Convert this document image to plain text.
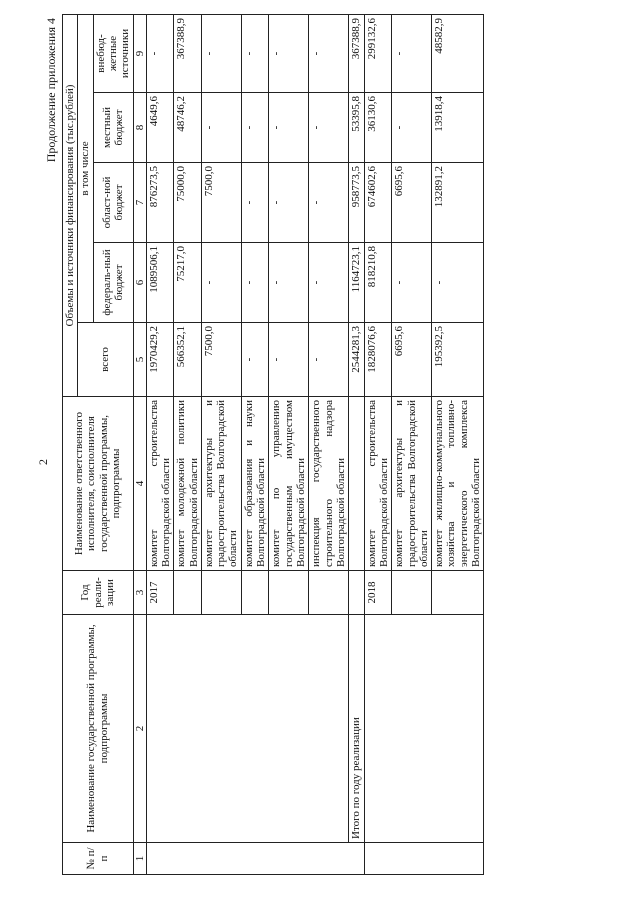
2
Продолжение приложения 4
№ п/п	Наименование государственной программы, подпрограммы	Год реали-зации	Наименование ответственного исполнителя, соисполнителя государственной программы, подпрограммы	Объемы и источники финансирования (тыс.рублей)				
				всего	в том числе			
					федераль-ный бюджет	област-ной бюджет	местный бюджет	внебюд-жетные источники
1	2	3	4	5	6	7	8	9
		2017	комитет строительства Волгоградской области	1970429,2	1089506,1	876273,5	4649,6	-
			комитет молодежной политики Волгоградской области	566352,1	75217,0	75000,0	48746,2	367388,9
			комитет архитектуры и градостроительства Волгоградской области	7500,0	-	7500,0	-	-
			комитет образования и науки Волгоградской области	-	-	-	-	-
			комитет по управлению государственным имуществом Волгоградской области	-	-	-	-	-
			инспекция государственного строительного надзора Волгоградской области	-	-	-	-	-
	Итого по году реализации			2544281,3	1164723,1	958773,5	53395,8	367388,9
		2018	комитет строительства Волгоградской области	1828076,6	818210,8	674602,6	36130,6	299132,6
			комитет архитектуры и градостроительства Волгоградской области	6695,6	-	6695,6	-	-
			комитет жилищно-коммунального хозяйства и топливно-энергетического комплекса Волгоградской области	195392,5	-	132891,2	13918,4	48582,9
